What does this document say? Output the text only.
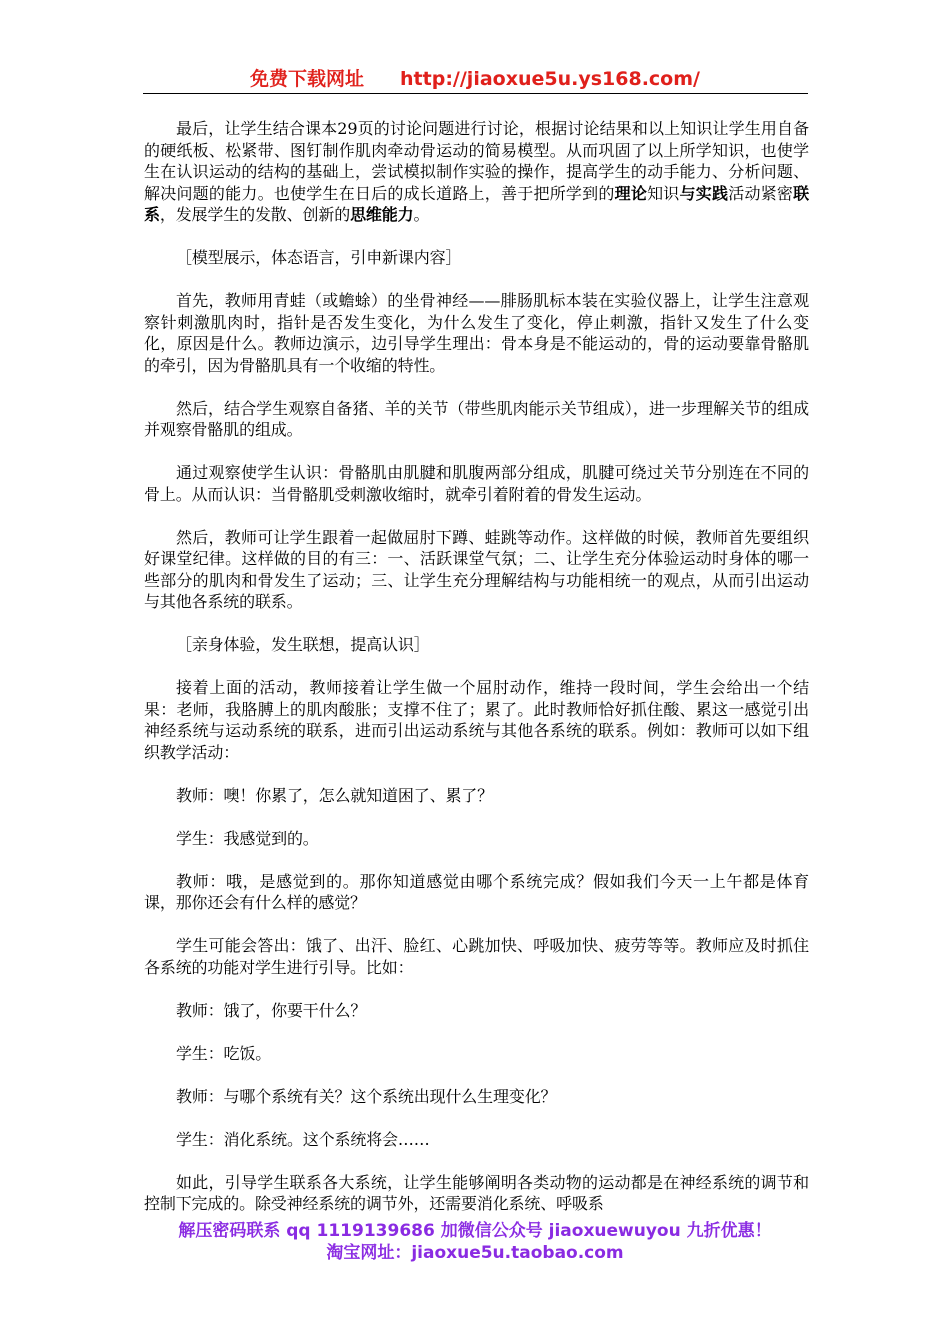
免费下载网址 http://jiaoxue5u.ys168.com/

最后，让学生结合课本29页的讨论问题进行讨论，根据讨论结果和以上知识让学生用自备的硬纸板、松紧带、图钉制作肌肉牵动骨运动的简易模型。从而巩固了以上所学知识，也使学生在认识运动的结构的基础上，尝试模拟制作实验的操作，提高学生的动手能力、分析问题、解决问题的能力。也使学生在日后的成长道路上，善于把所学到的理论知识与实践活动紧密联系，发展学生的发散、创新的思维能力。

［模型展示，体态语言，引申新课内容］

首先，教师用青蛙（或蟾蜍）的坐骨神经——腓肠肌标本装在实验仪器上，让学生注意观察针刺激肌肉时，指针是否发生变化，为什么发生了变化，停止刺激，指针又发生了什么变化，原因是什么。教师边演示，边引导学生理出：骨本身是不能运动的，骨的运动要靠骨骼肌的牵引，因为骨骼肌具有一个收缩的特性。

然后，结合学生观察自备猪、羊的关节（带些肌肉能示关节组成），进一步理解关节的组成并观察骨骼肌的组成。

通过观察使学生认识：骨骼肌由肌腱和肌腹两部分组成，肌腱可绕过关节分别连在不同的骨上。从而认识：当骨骼肌受刺激收缩时，就牵引着附着的骨发生运动。

然后，教师可让学生跟着一起做屈肘下蹲、蛙跳等动作。这样做的时候，教师首先要组织好课堂纪律。这样做的目的有三：一、活跃课堂气氛；二、让学生充分体验运动时身体的哪一些部分的肌肉和骨发生了运动；三、让学生充分理解结构与功能相统一的观点，从而引出运动与其他各系统的联系。

［亲身体验，发生联想，提高认识］

接着上面的活动，教师接着让学生做一个屈肘动作，维持一段时间，学生会给出一个结果：老师，我胳膊上的肌肉酸胀；支撑不住了；累了。此时教师恰好抓住酸、累这一感觉引出神经系统与运动系统的联系，进而引出运动系统与其他各系统的联系。例如：教师可以如下组织教学活动：

教师：噢！你累了，怎么就知道困了、累了？

学生：我感觉到的。

教师：哦，是感觉到的。那你知道感觉由哪个系统完成？假如我们今天一上午都是体育课，那你还会有什么样的感觉？

学生可能会答出：饿了、出汗、脸红、心跳加快、呼吸加快、疲劳等等。教师应及时抓住各系统的功能对学生进行引导。比如：

教师：饿了，你要干什么？

学生：吃饭。

教师：与哪个系统有关？这个系统出现什么生理变化？

学生：消化系统。这个系统将会……

如此，引导学生联系各大系统，让学生能够阐明各类动物的运动都是在神经系统的调节和控制下完成的。除受神经系统的调节外，还需要消化系统、呼吸系

解压密码联系 qq 1119139686 加微信公众号 jiaoxuewuyou 九折优惠！
淘宝网址：jiaoxue5u.taobao.com
